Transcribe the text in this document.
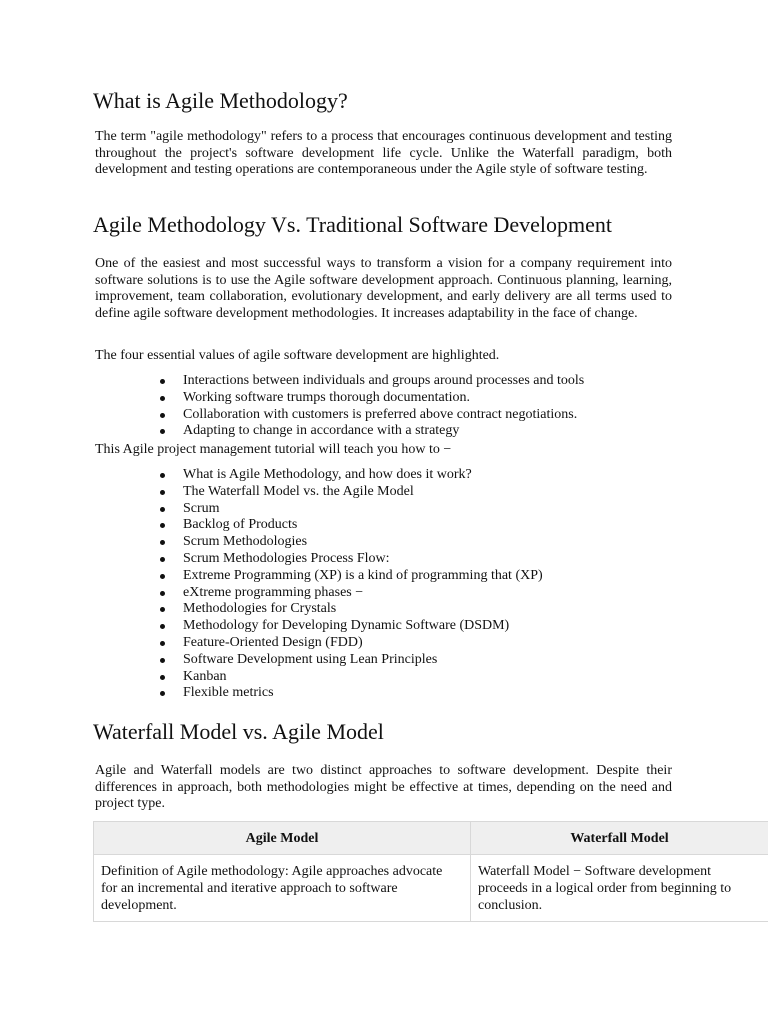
What is Agile Methodology?

The term "agile methodology" refers to a process that encourages continuous development and testing throughout the project's software development life cycle. Unlike the Waterfall paradigm, both development and testing operations are contemporaneous under the Agile style of software testing.

Agile Methodology Vs. Traditional Software Development

One of the easiest and most successful ways to transform a vision for a company requirement into software solutions is to use the Agile software development approach. Continuous planning, learning, improvement, team collaboration, evolutionary development, and early delivery are all terms used to define agile software development methodologies. It increases adaptability in the face of change.

The four essential values of agile software development are highlighted.

Interactions between individuals and groups around processes and tools
Working software trumps thorough documentation.
Collaboration with customers is preferred above contract negotiations.
Adapting to change in accordance with a strategy

This Agile project management tutorial will teach you how to −

What is Agile Methodology, and how does it work?
The Waterfall Model vs. the Agile Model
Scrum
Backlog of Products
Scrum Methodologies
Scrum Methodologies Process Flow:
Extreme Programming (XP) is a kind of programming that (XP)
eXtreme programming phases −
Methodologies for Crystals
Methodology for Developing Dynamic Software (DSDM)
Feature-Oriented Design (FDD)
Software Development using Lean Principles
Kanban
Flexible metrics
Waterfall Model vs. Agile Model

Agile and Waterfall models are two distinct approaches to software development. Despite their differences in approach, both methodologies might be effective at times, depending on the need and project type.

Agile Model	Waterfall Model
Definition of Agile methodology: Agile approaches advocate for an incremental and iterative approach to software development.	Waterfall Model − Software development proceeds in a logical order from beginning to conclusion.
